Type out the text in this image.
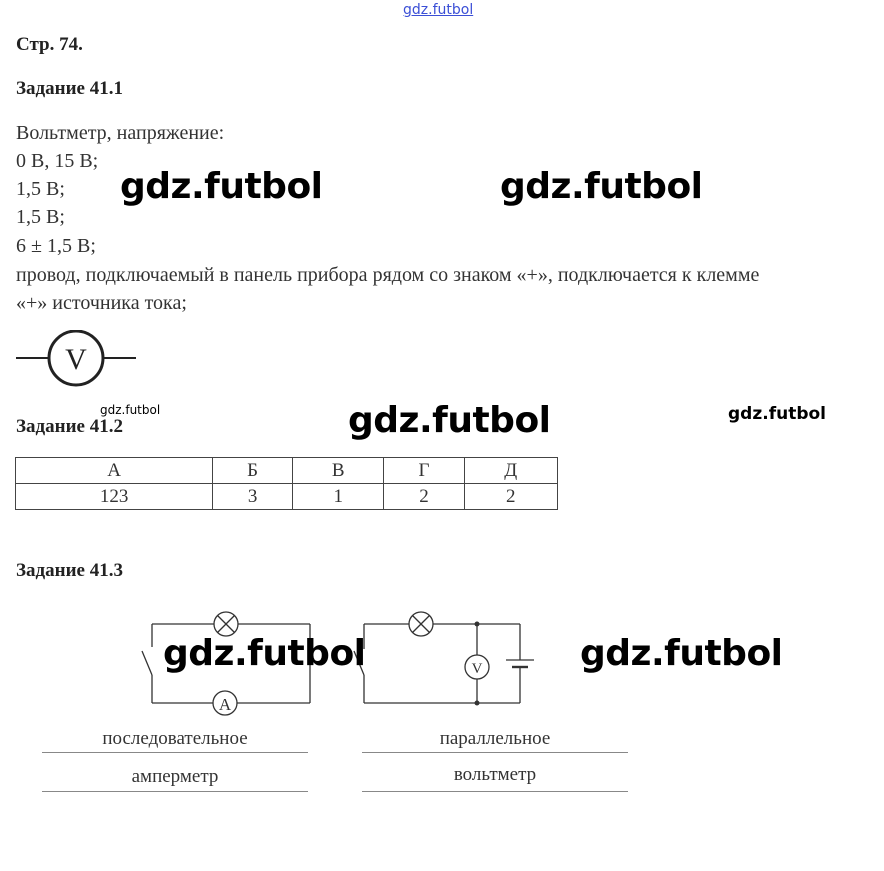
gdz.futbol
Стр. 74.
Задание 41.1
Вольтметр, напряжение:
0 В, 15 В;
1,5 В;
1,5 В;
6 ± 1,5 В;
провод, подключаемый в панель прибора рядом со знаком «+», подключается к клемме
«+» источника тока;
V
Задание 41.2
А	Б	В	Г	Д
123	3	1	2	2
Задание 41.3
A
V
последовательное
амперметр
параллельное
вольтметр
gdz.futbol	gdz.futbol
gdz.futbol	gdz.futbol	gdz.futbol
gdz.futbol	gdz.futbol
